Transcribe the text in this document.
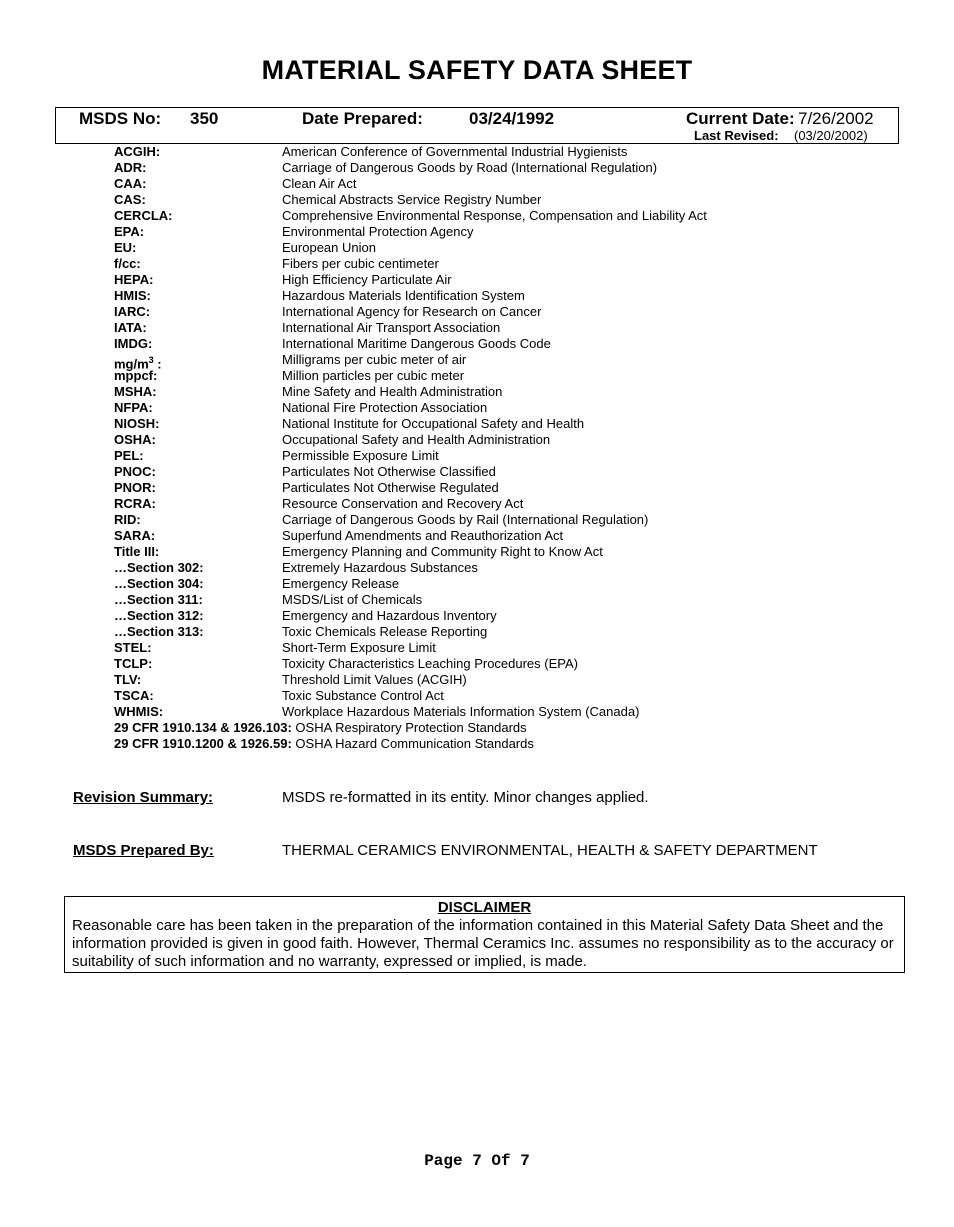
MATERIAL SAFETY DATA SHEET
MSDS No: 350	Date Prepared:	03/24/1992	Current Date: 7/26/2002
Last Revised: (03/20/2002)
ACGIH:	American Conference of Governmental Industrial Hygienists
ADR:	Carriage of Dangerous Goods by Road (International Regulation)
CAA:	Clean Air Act
CAS:	Chemical Abstracts Service Registry Number
CERCLA:	Comprehensive Environmental Response, Compensation and Liability Act
EPA:	Environmental Protection Agency
EU:	European Union
f/cc:	Fibers per cubic centimeter
HEPA:	High Efficiency Particulate Air
HMIS:	Hazardous Materials Identification System
IARC:	International Agency for Research on Cancer
IATA:	International Air Transport Association
IMDG:	International Maritime Dangerous Goods Code
$mg/m^3$ :	Milligrams per cubic meter of air
mppcf:	Million particles per cubic meter
MSHA:	Mine Safety and Health Administration
NFPA:	National Fire Protection Association
NIOSH:	National Institute for Occupational Safety and Health
OSHA:	Occupational Safety and Health Administration
PEL:	Permissible Exposure Limit
PNOC:	Particulates Not Otherwise Classified
PNOR:	Particulates Not Otherwise Regulated
RCRA:	Resource Conservation and Recovery Act
RID:	Carriage of Dangerous Goods by Rail (International Regulation)
SARA:	Superfund Amendments and Reauthorization Act
Title III:	Emergency Planning and Community Right to Know Act
…Section 302:	Extremely Hazardous Substances
…Section 304:	Emergency Release
…Section 311:	MSDS/List of Chemicals
…Section 312:	Emergency and Hazardous Inventory
…Section 313:	Toxic Chemicals Release Reporting
STEL:	Short-Term Exposure Limit
TCLP:	Toxicity Characteristics Leaching Procedures (EPA)
TLV:	Threshold Limit Values (ACGIH)
TSCA:	Toxic Substance Control Act
WHMIS:	Workplace Hazardous Materials Information System (Canada)
29 CFR 1910.134 & 1926.103: OSHA Respiratory Protection Standards
29 CFR 1910.1200 & 1926.59: OSHA Hazard Communication Standards
Revision Summary:	MSDS re-formatted in its entity. Minor changes applied.
MSDS Prepared By:	THERMAL CERAMICS ENVIRONMENTAL, HEALTH & SAFETY DEPARTMENT
DISCLAIMER
Reasonable care has been taken in the preparation of the information contained in this Material Safety Data Sheet and the information provided is given in good faith. However, Thermal Ceramics Inc. assumes no responsibility as to the accuracy or suitability of such information and no warranty, expressed or implied, is made.
Page 7 Of 7
